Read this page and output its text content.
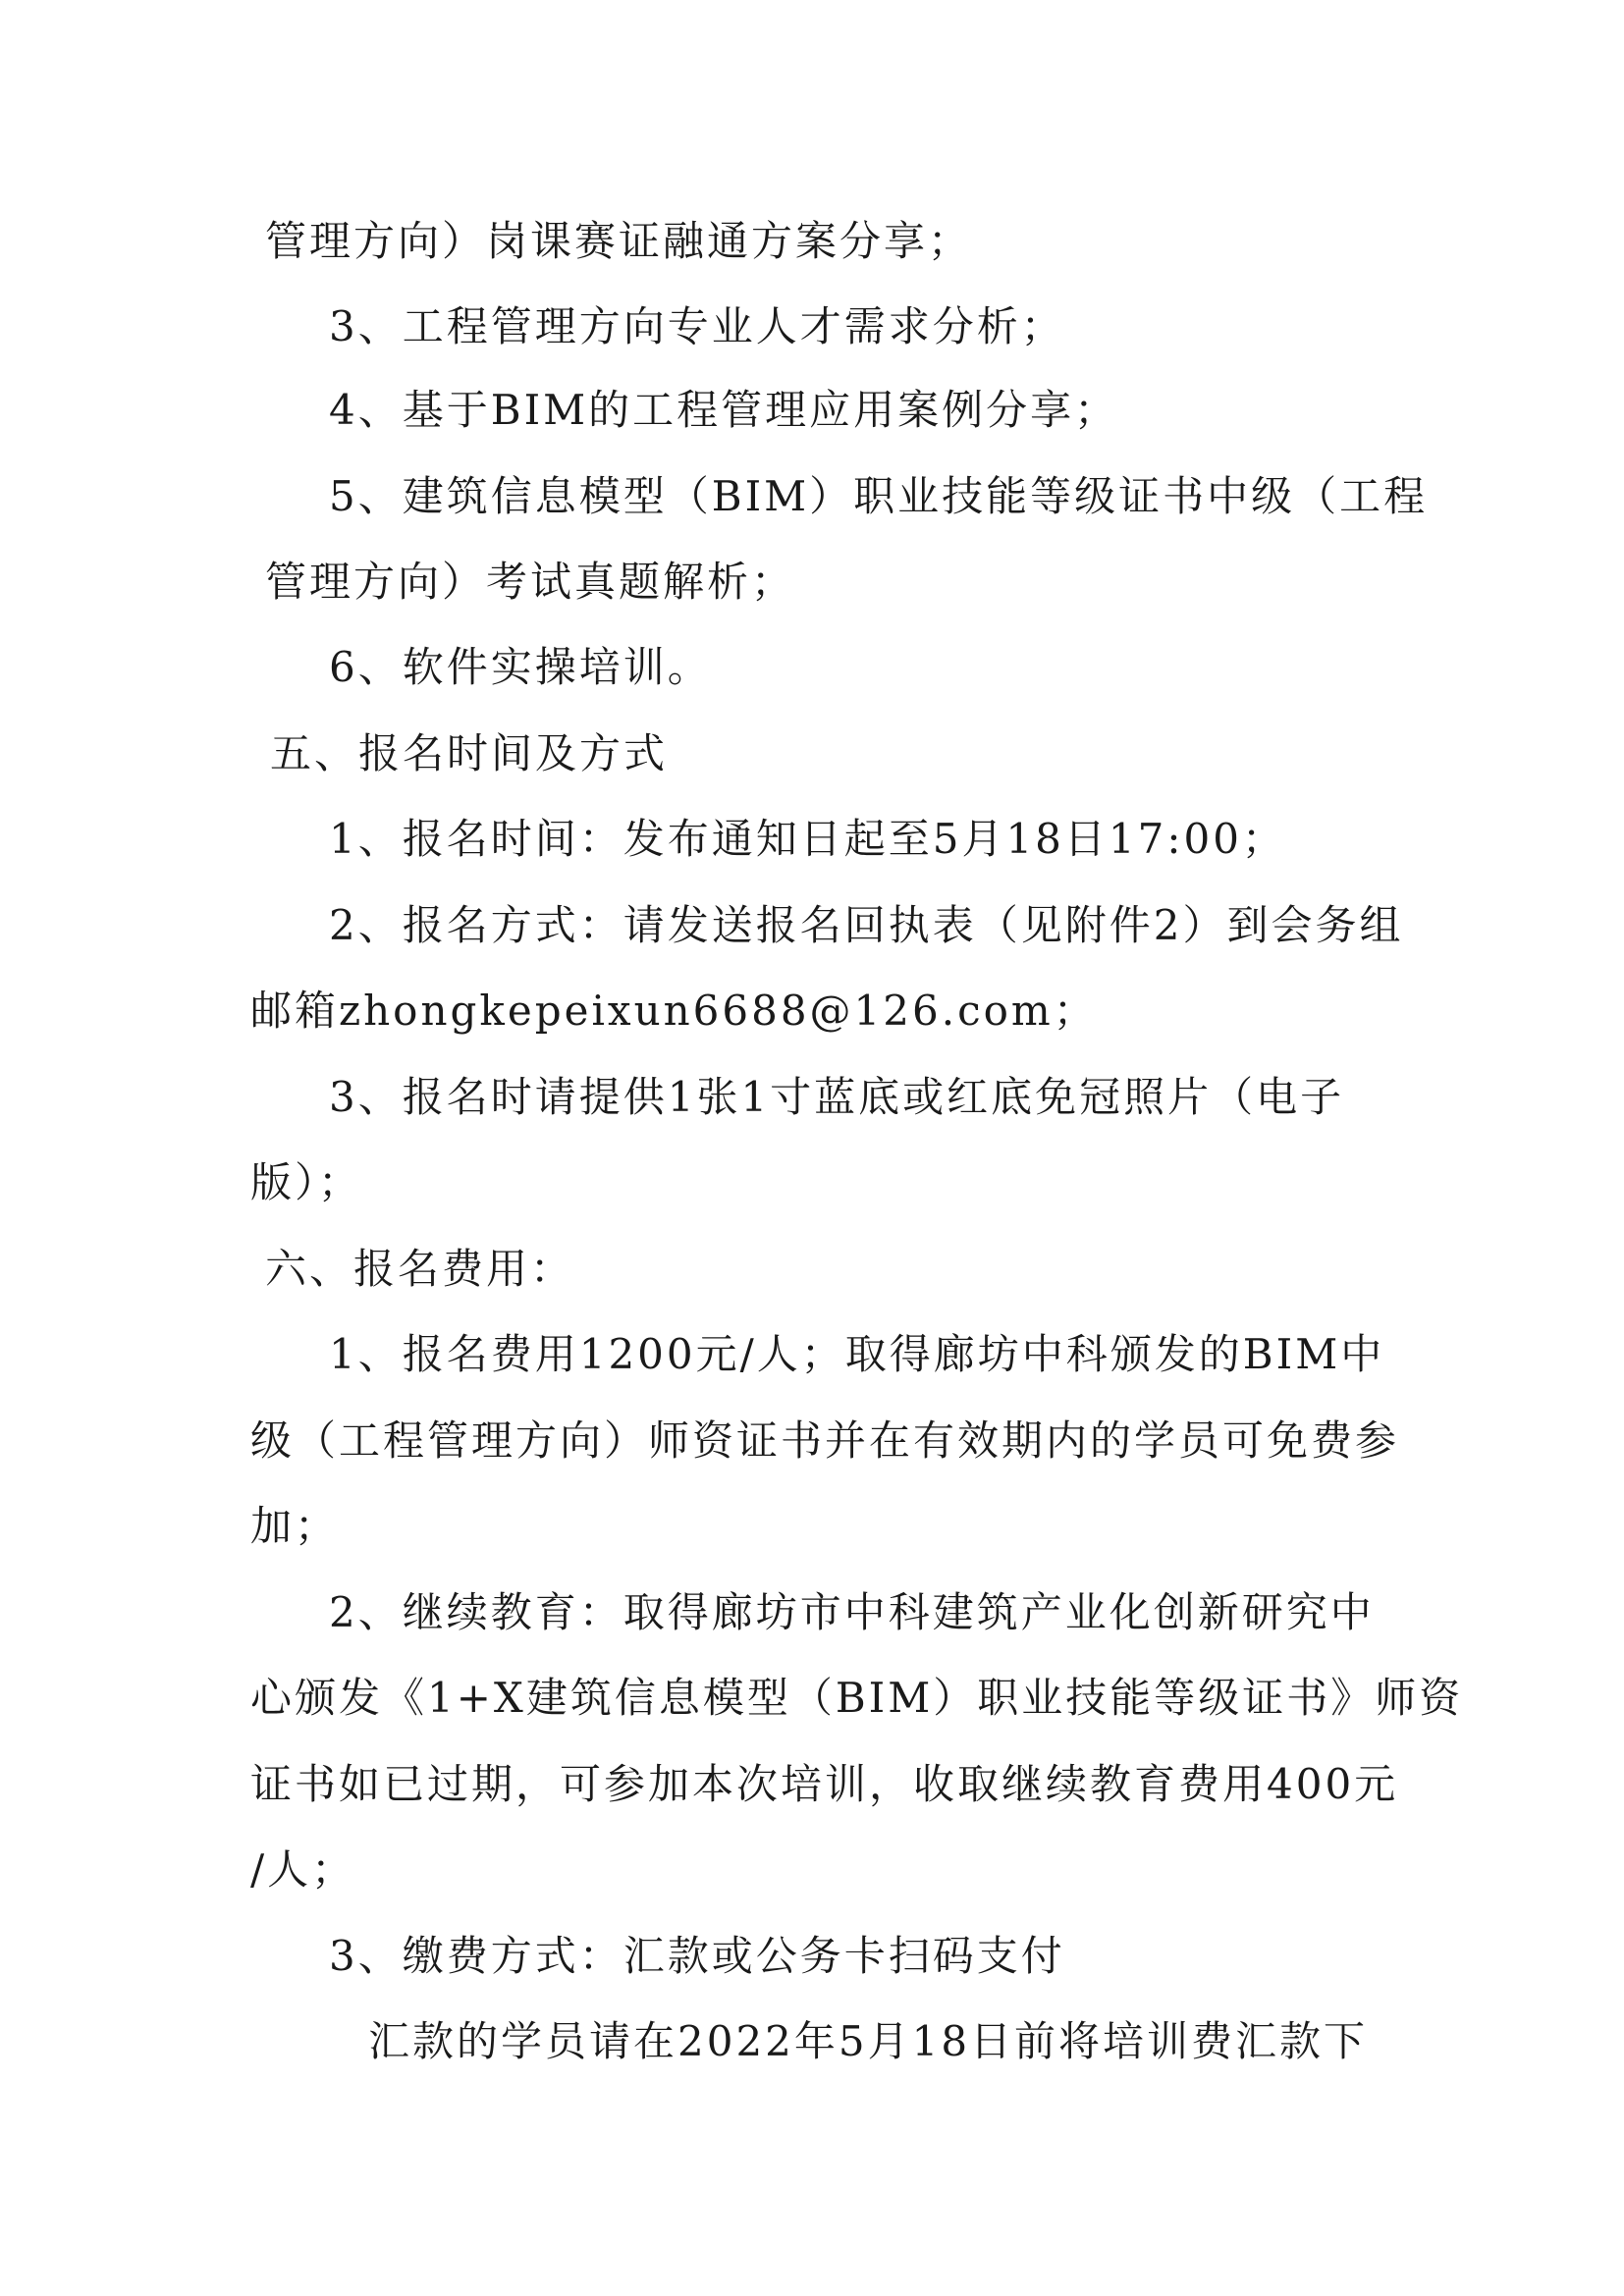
管理方向）岗课赛证融通方案分享；
3、工程管理方向专业人才需求分析；
4、基于BIM的工程管理应用案例分享；
5、建筑信息模型（BIM）职业技能等级证书中级（工程
管理方向）考试真题解析；
6、软件实操培训。
五、报名时间及方式
1、报名时间：发布通知日起至5月18日17:00；
2、报名方式：请发送报名回执表（见附件2）到会务组
邮箱zhongkepeixun6688@126.com；
3、报名时请提供1张1寸蓝底或红底免冠照片（电子
版）；
六、报名费用：
1、报名费用1200元/人；取得廊坊中科颁发的BIM中
级（工程管理方向）师资证书并在有效期内的学员可免费参
加；
2、继续教育：取得廊坊市中科建筑产业化创新研究中
心颁发《1+X建筑信息模型（BIM）职业技能等级证书》师资
证书如已过期，可参加本次培训，收取继续教育费用400元
/人；
3、缴费方式：汇款或公务卡扫码支付
汇款的学员请在2022年5月18日前将培训费汇款下
